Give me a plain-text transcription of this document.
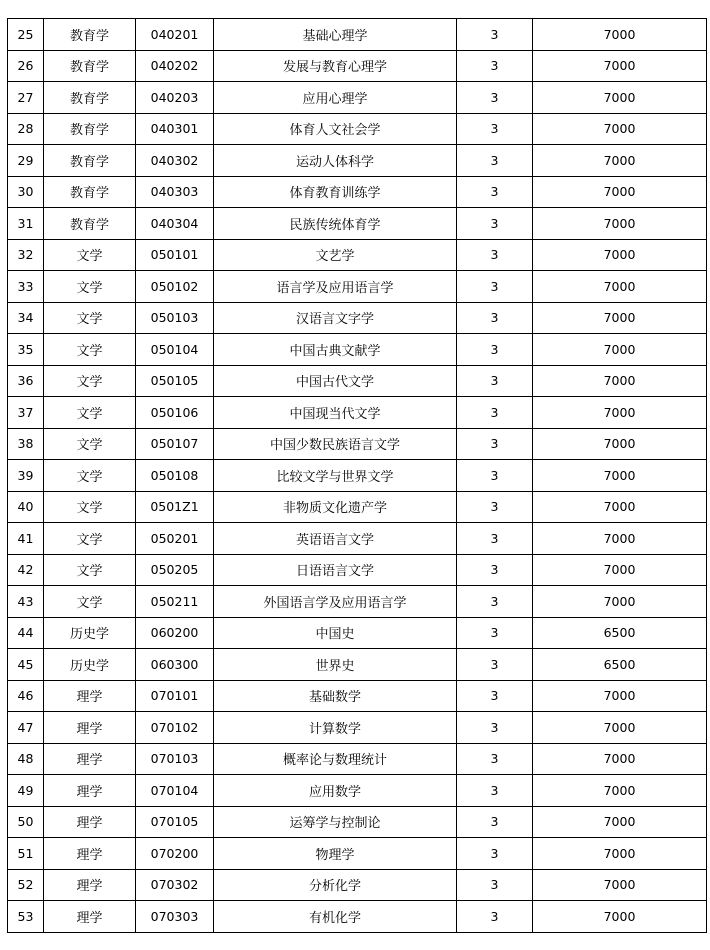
25	教育学	040201	基础心理学	3	7000
26	教育学	040202	发展与教育心理学	3	7000
27	教育学	040203	应用心理学	3	7000
28	教育学	040301	体育人文社会学	3	7000
29	教育学	040302	运动人体科学	3	7000
30	教育学	040303	体育教育训练学	3	7000
31	教育学	040304	民族传统体育学	3	7000
32	文学	050101	文艺学	3	7000
33	文学	050102	语言学及应用语言学	3	7000
34	文学	050103	汉语言文字学	3	7000
35	文学	050104	中国古典文献学	3	7000
36	文学	050105	中国古代文学	3	7000
37	文学	050106	中国现当代文学	3	7000
38	文学	050107	中国少数民族语言文学	3	7000
39	文学	050108	比较文学与世界文学	3	7000
40	文学	0501Z1	非物质文化遗产学	3	7000
41	文学	050201	英语语言文学	3	7000
42	文学	050205	日语语言文学	3	7000
43	文学	050211	外国语言学及应用语言学	3	7000
44	历史学	060200	中国史	3	6500
45	历史学	060300	世界史	3	6500
46	理学	070101	基础数学	3	7000
47	理学	070102	计算数学	3	7000
48	理学	070103	概率论与数理统计	3	7000
49	理学	070104	应用数学	3	7000
50	理学	070105	运筹学与控制论	3	7000
51	理学	070200	物理学	3	7000
52	理学	070302	分析化学	3	7000
53	理学	070303	有机化学	3	7000
